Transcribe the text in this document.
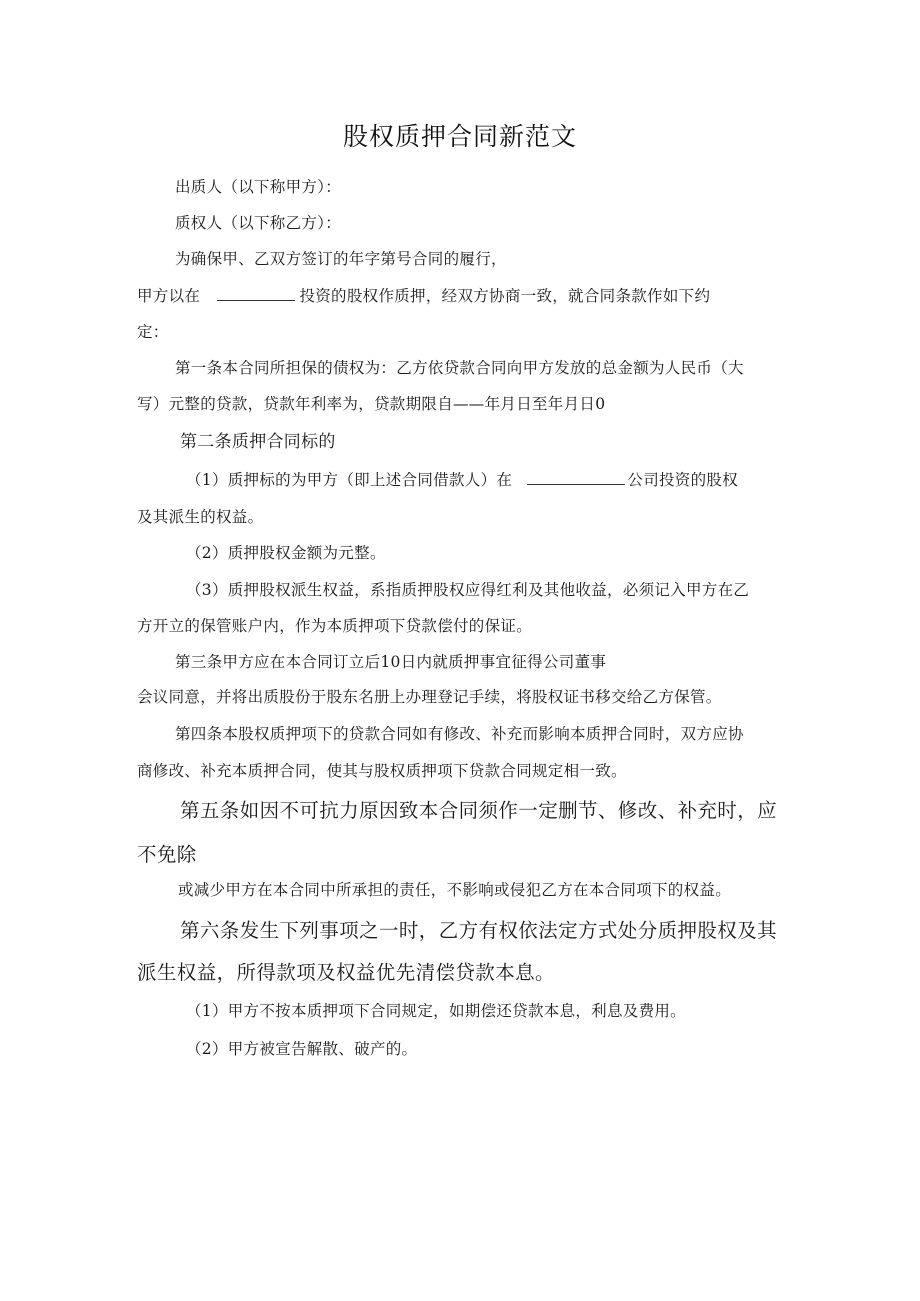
股权质押合同新范文
出质人（以下称甲方）：
质权人（以下称乙方）：
为确保甲、乙双方签订的年字第号合同的履行，
甲方以在	投资的股权作质押，经双方协商一致，就合同条款作如下约
定：
第一条本合同所担保的债权为：乙方依贷款合同向甲方发放的总金额为人民币（大
写）元整的贷款，贷款年利率为，贷款期限自——年月日至年月日0
第二条质押合同标的
（1）质押标的为甲方（即上述合同借款人）在	公司投资的股权
及其派生的权益。
（2）质押股权金额为元整。
（3）质押股权派生权益，系指质押股权应得红利及其他收益，必须记入甲方在乙
方开立的保管账户内，作为本质押项下贷款偿付的保证。
第三条甲方应在本合同订立后10日内就质押事宜征得公司董事
会议同意，并将出质股份于股东名册上办理登记手续，将股权证书移交给乙方保管。
第四条本股权质押项下的贷款合同如有修改、补充而影响本质押合同时，双方应协
商修改、补充本质押合同，使其与股权质押项下贷款合同规定相一致。
第五条如因不可抗力原因致本合同须作一定删节、修改、补充时，应
不免除
或减少甲方在本合同中所承担的责任，不影响或侵犯乙方在本合同项下的权益。
第六条发生下列事项之一时，乙方有权依法定方式处分质押股权及其
派生权益，所得款项及权益优先清偿贷款本息。
（1）甲方不按本质押项下合同规定，如期偿还贷款本息，利息及费用。
（2）甲方被宣告解散、破产的。
